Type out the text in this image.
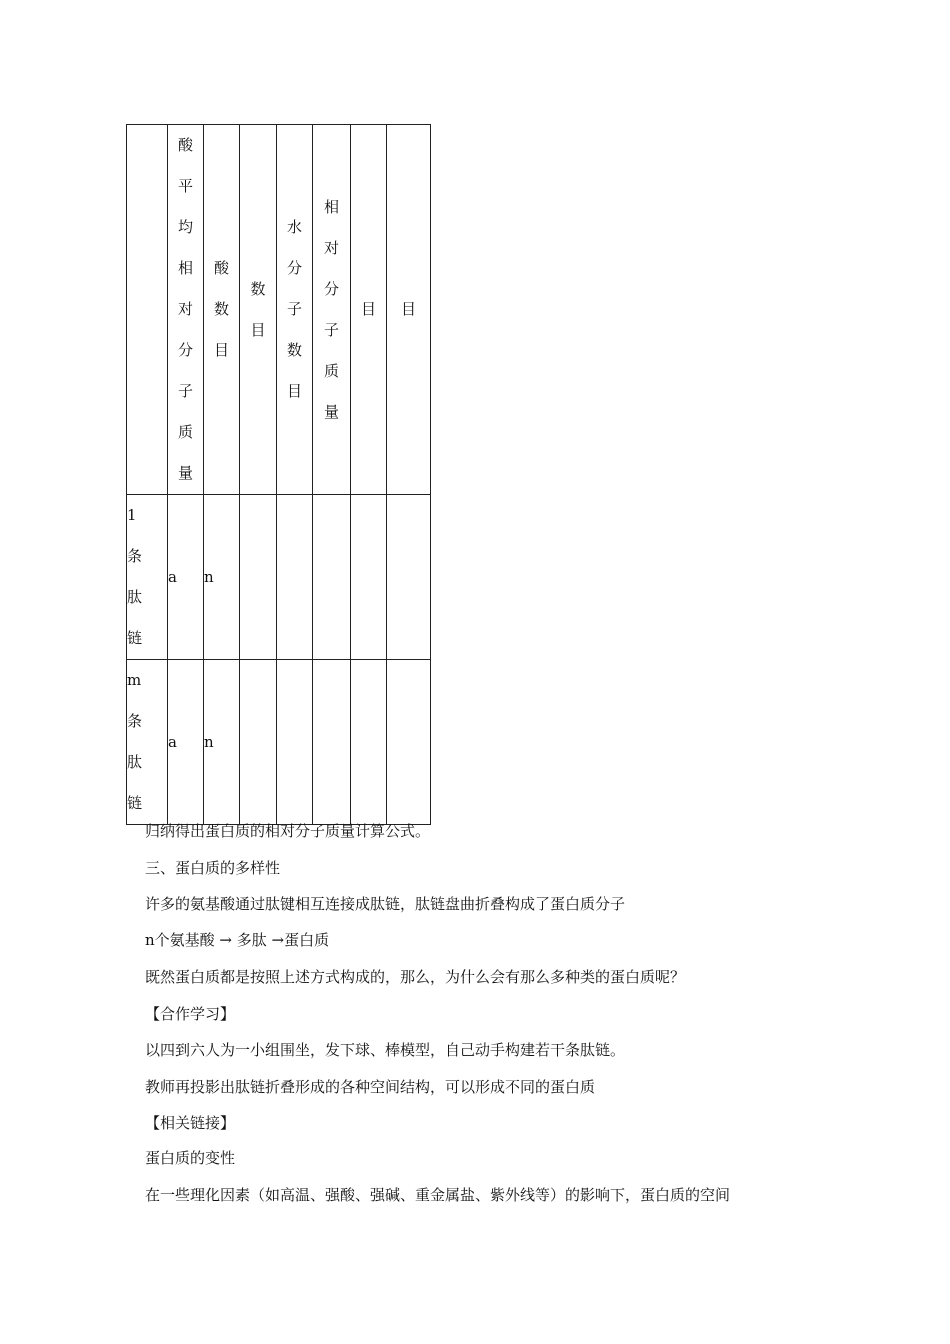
	酸平均相对分子质量	酸数目	数目	水分子数目	相对分子质量	目	目
1条肽链	a	n					
m条肽链	a	n					
归纳得出蛋白质的相对分子质量计算公式。
三、蛋白质的多样性
许多的氨基酸通过肽键相互连接成肽链，肽链盘曲折叠构成了蛋白质分子
n个氨基酸 → 多肽 →蛋白质
既然蛋白质都是按照上述方式构成的，那么，为什么会有那么多种类的蛋白质呢？
【合作学习】
以四到六人为一小组围坐，发下球、棒模型，自己动手构建若干条肽链。
教师再投影出肽链折叠形成的各种空间结构，可以形成不同的蛋白质
【相关链接】
蛋白质的变性
在一些理化因素（如高温、强酸、强碱、重金属盐、紫外线等）的影响下，蛋白质的空间
